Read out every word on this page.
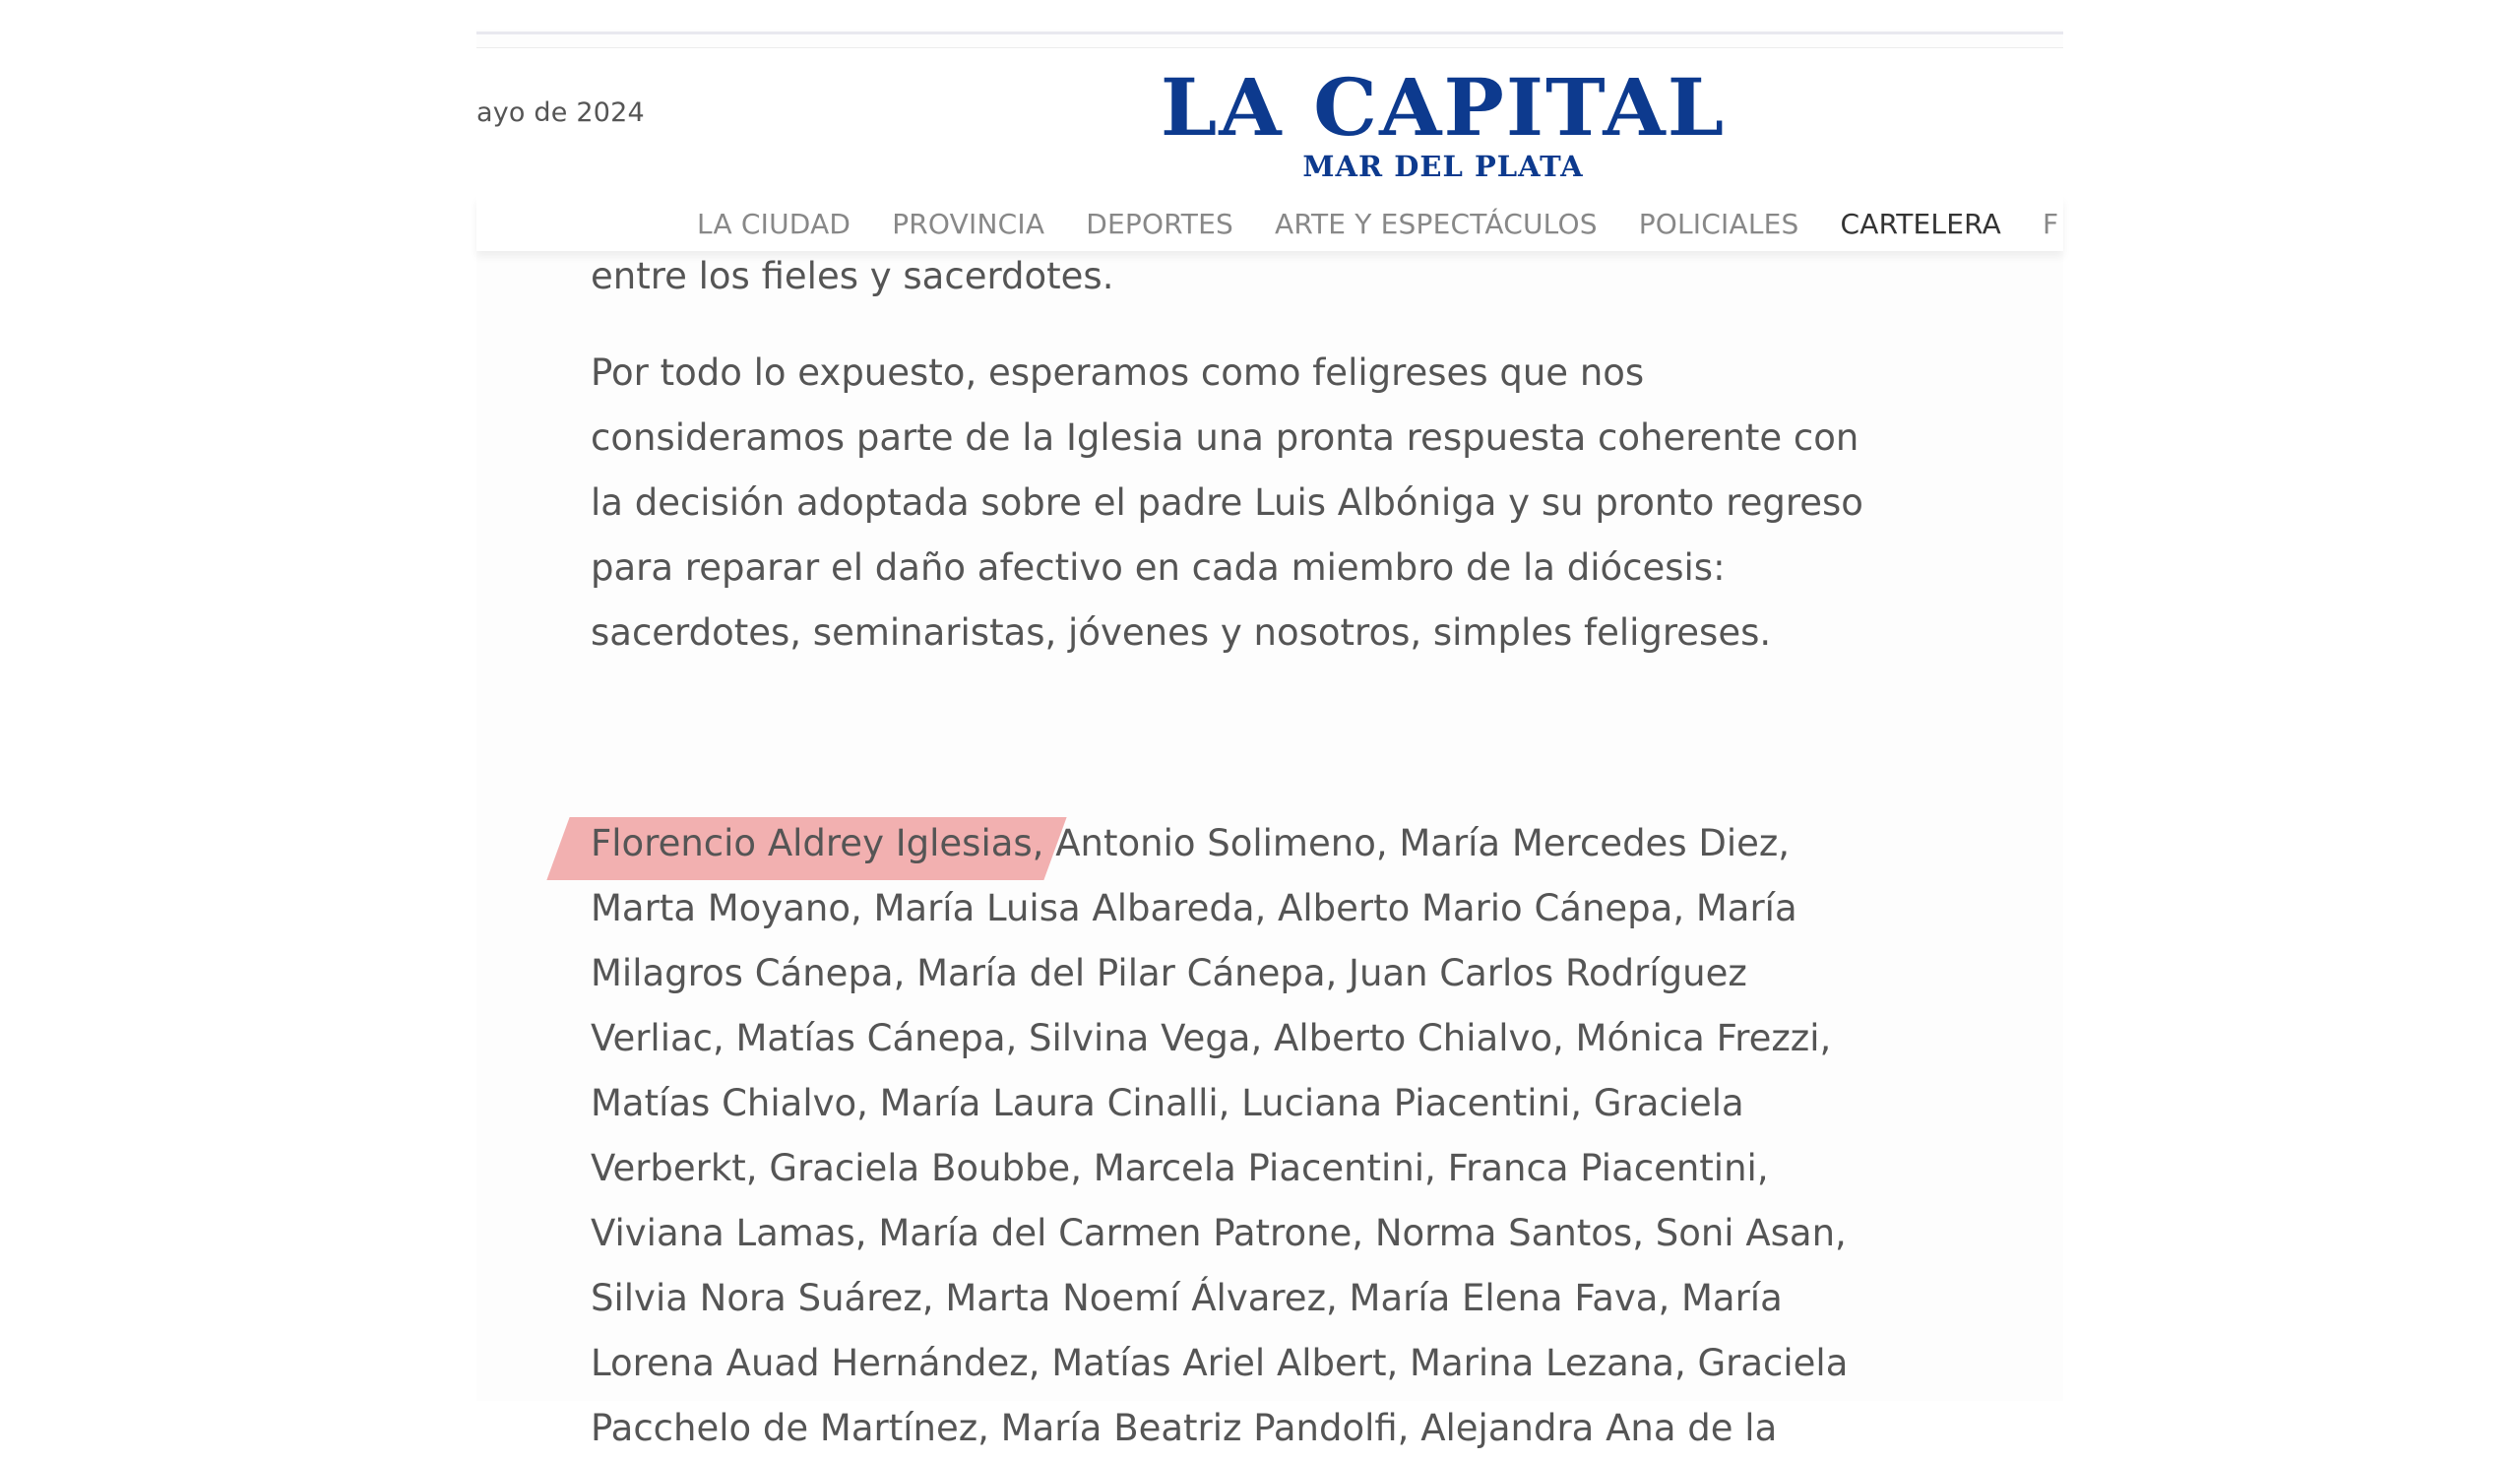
ayo de 2024	LA CAPITAL
MAR DEL PLATA

entre los fieles y sacerdotes.

Por todo lo expuesto, esperamos como feligreses que nos
consideramos parte de la Iglesia una pronta respuesta coherente con
la decisión adoptada sobre el padre Luis Albóniga y su pronto regreso
para reparar el daño afectivo en cada miembro de la diócesis:
sacerdotes, seminaristas, jóvenes y nosotros, simples feligreses.

Florencio Aldrey Iglesias, Antonio Solimeno, María Mercedes Diez,
Marta Moyano, María Luisa Albareda, Alberto Mario Cánepa, María
Milagros Cánepa, María del Pilar Cánepa, Juan Carlos Rodríguez
Verliac, Matías Cánepa, Silvina Vega, Alberto Chialvo, Mónica Frezzi,
Matías Chialvo, María Laura Cinalli, Luciana Piacentini, Graciela
Verberkt, Graciela Boubbe, Marcela Piacentini, Franca Piacentini,
Viviana Lamas, María del Carmen Patrone, Norma Santos, Soni Asan,
Silvia Nora Suárez, Marta Noemí Álvarez, María Elena Fava, María
Lorena Auad Hernández, Matías Ariel Albert, Marina Lezana, Graciela
Pacchelo de Martínez, María Beatriz Pandolfi, Alejandra Ana de la
LA CIUDAD PROVINCIA DEPORTES ARTE Y ESPECTÁCULOS POLICIALES CARTELERA F
